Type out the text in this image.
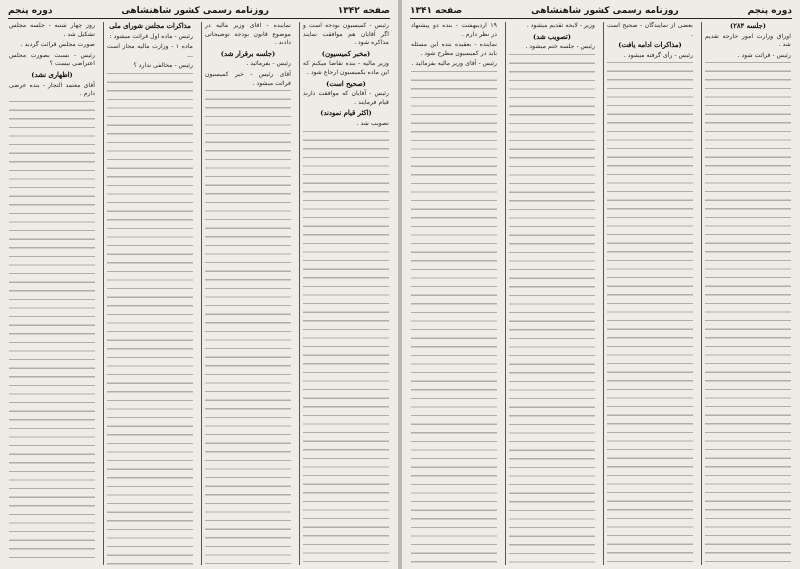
صفحه ۱۳۴۲
روزنامه رسمی کشور شاهنشاهی
دوره پنجم

رئیس - کمیسیون بودجه است و اگر آقایان هم موافقت نمایند مذاکره شود .

(مخبر کمیسیون)

وزیر مالیه - بنده تقاضا میکنم که این ماده بکمیسیون ارجاع شود .

(صحیح است)

رئیس - آقایان که موافقت دارند قیام فرمایند .

(اکثر قیام نمودند)

تصویب شد .

نماینده - آقای وزیر مالیه در موضوع قانون بودجه توضیحاتی دادند .

(جلسه برقرار شد)

رئیس - بفرمائید .

آقای رئیس - خبر کمیسیون قرائت میشود .

مذاکرات مجلس شورای ملی

رئیس - ماده اول قرائت میشود :

ماده ۱ - وزارت مالیه مجاز است ...

رئیس - مخالفی ندارد ؟

روز چهار شنبه - جلسه مجلس تشکیل شد .

صورت مجلس قرائت گردید .

رئیس - نسبت بصورت مجلس اعتراضی نیست ؟

(اظهاری نشد)

آقای معتمد التجار - بنده عرضی دارم .

دوره پنجم
روزنامه رسمی کشور شاهنشاهی
صفحه ۱۳۴۱

(جلسه ۲۸۴)

اوراق وزارت امور خارجه تقدیم شد .

رئیس - قرائت شود .

بعضی از نمایندگان - صحیح است .

(مذاکرات ادامه یافت)

رئیس - رأی گرفته میشود .

وزیر - لایحه تقدیم میشود .

(تصویب شد)

رئیس - جلسه ختم میشود .

۱۹ اردیبهشت - بنده دو پیشنهاد در نظر دارم .

نماینده - بعقیده بنده این مسئله باید در کمیسیون مطرح شود .

رئیس - آقای وزیر مالیه بفرمائید .
